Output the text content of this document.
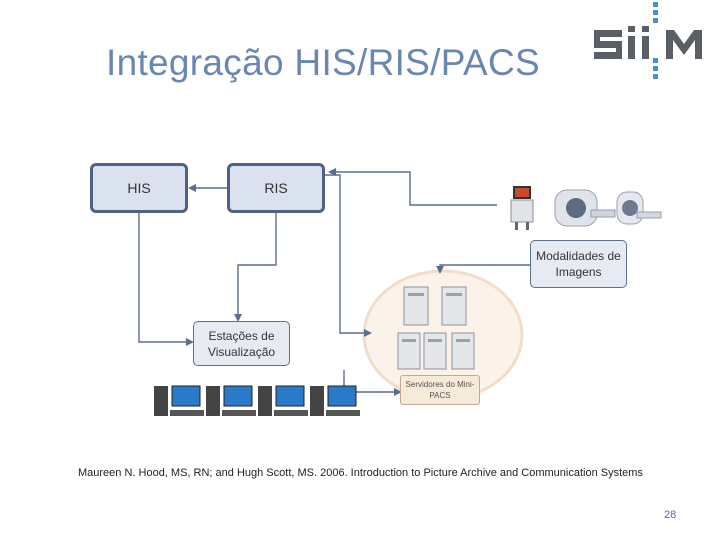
Integração HIS/RIS/PACS
HIS	RIS
Modalidades de Imagens
Estações de Visualização
Servidores do Mini-PACS
Maureen N. Hood, MS, RN; and Hugh Scott, MS. 2006. Introduction to Picture Archive and Communication Systems
28
